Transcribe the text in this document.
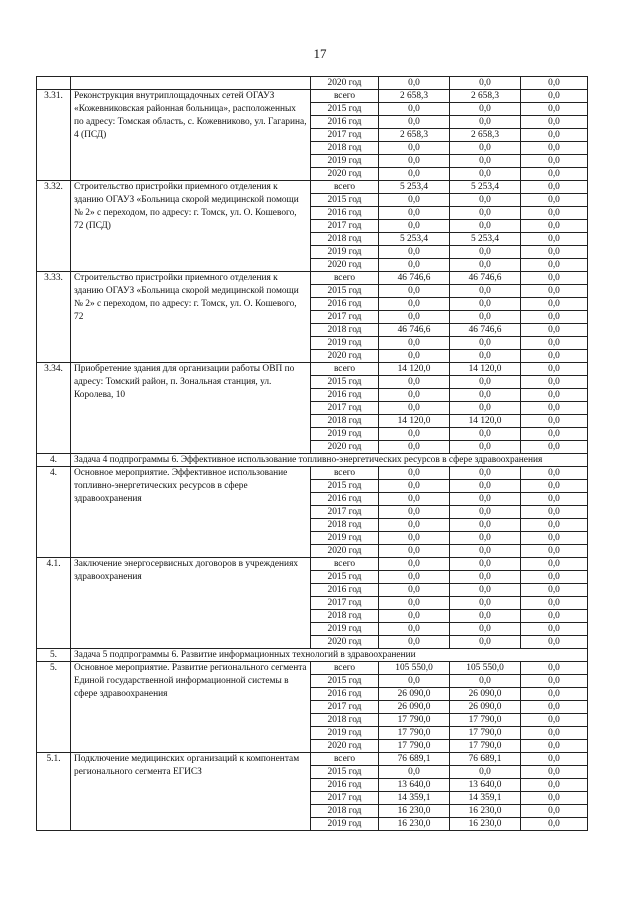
17
		2020 год	0,0	0,0	0,0
3.31.	Реконструкция внутриплощадочных сетей ОГАУЗ «Кожевниковская районная больница», расположенных по адресу: Томская область, с. Кожевниково, ул. Гагарина, 4 (ПСД)	всего	2 658,3	2 658,3	0,0
		2015 год	0,0	0,0	0,0
		2016 год	0,0	0,0	0,0
		2017 год	2 658,3	2 658,3	0,0
		2018 год	0,0	0,0	0,0
		2019 год	0,0	0,0	0,0
		2020 год	0,0	0,0	0,0
3.32.	Строительство пристройки приемного отделения к зданию ОГАУЗ «Больница скорой медицинской помощи № 2» с переходом, по адресу: г. Томск, ул. О. Кошевого, 72 (ПСД)	всего	5 253,4	5 253,4	0,0
		2015 год	0,0	0,0	0,0
		2016 год	0,0	0,0	0,0
		2017 год	0,0	0,0	0,0
		2018 год	5 253,4	5 253,4	0,0
		2019 год	0,0	0,0	0,0
		2020 год	0,0	0,0	0,0
3.33.	Строительство пристройки приемного отделения к зданию ОГАУЗ «Больница скорой медицинской помощи № 2» с переходом, по адресу: г. Томск, ул. О. Кошевого, 72	всего	46 746,6	46 746,6	0,0
		2015 год	0,0	0,0	0,0
		2016 год	0,0	0,0	0,0
		2017 год	0,0	0,0	0,0
		2018 год	46 746,6	46 746,6	0,0
		2019 год	0,0	0,0	0,0
		2020 год	0,0	0,0	0,0
3.34.	Приобретение здания для организации работы ОВП по адресу: Томский район, п. Зональная станция, ул. Королева, 10	всего	14 120,0	14 120,0	0,0
		2015 год	0,0	0,0	0,0
		2016 год	0,0	0,0	0,0
		2017 год	0,0	0,0	0,0
		2018 год	14 120,0	14 120,0	0,0
		2019 год	0,0	0,0	0,0
		2020 год	0,0	0,0	0,0
4.	Задача 4 подпрограммы 6. Эффективное использование топливно-энергетических ресурсов в сфере здравоохранения				
4.	Основное мероприятие. Эффективное использование топливно-энергетических ресурсов в сфере здравоохранения	всего	0,0	0,0	0,0
		2015 год	0,0	0,0	0,0
		2016 год	0,0	0,0	0,0
		2017 год	0,0	0,0	0,0
		2018 год	0,0	0,0	0,0
		2019 год	0,0	0,0	0,0
		2020 год	0,0	0,0	0,0
4.1.	Заключение энергосервисных договоров в учреждениях здравоохранения	всего	0,0	0,0	0,0
		2015 год	0,0	0,0	0,0
		2016 год	0,0	0,0	0,0
		2017 год	0,0	0,0	0,0
		2018 год	0,0	0,0	0,0
		2019 год	0,0	0,0	0,0
		2020 год	0,0	0,0	0,0
5.	Задача 5 подпрограммы 6. Развитие информационных технологий в здравоохранении				
5.	Основное мероприятие. Развитие регионального сегмента Единой государственной информационной системы в сфере здравоохранения	всего	105 550,0	105 550,0	0,0
		2015 год	0,0	0,0	0,0
		2016 год	26 090,0	26 090,0	0,0
		2017 год	26 090,0	26 090,0	0,0
		2018 год	17 790,0	17 790,0	0,0
		2019 год	17 790,0	17 790,0	0,0
		2020 год	17 790,0	17 790,0	0,0
5.1.	Подключение медицинских организаций к компонентам регионального сегмента ЕГИСЗ	всего	76 689,1	76 689,1	0,0
		2015 год	0,0	0,0	0,0
		2016 год	13 640,0	13 640,0	0,0
		2017 год	14 359,1	14 359,1	0,0
		2018 год	16 230,0	16 230,0	0,0
		2019 год	16 230,0	16 230,0	0,0
